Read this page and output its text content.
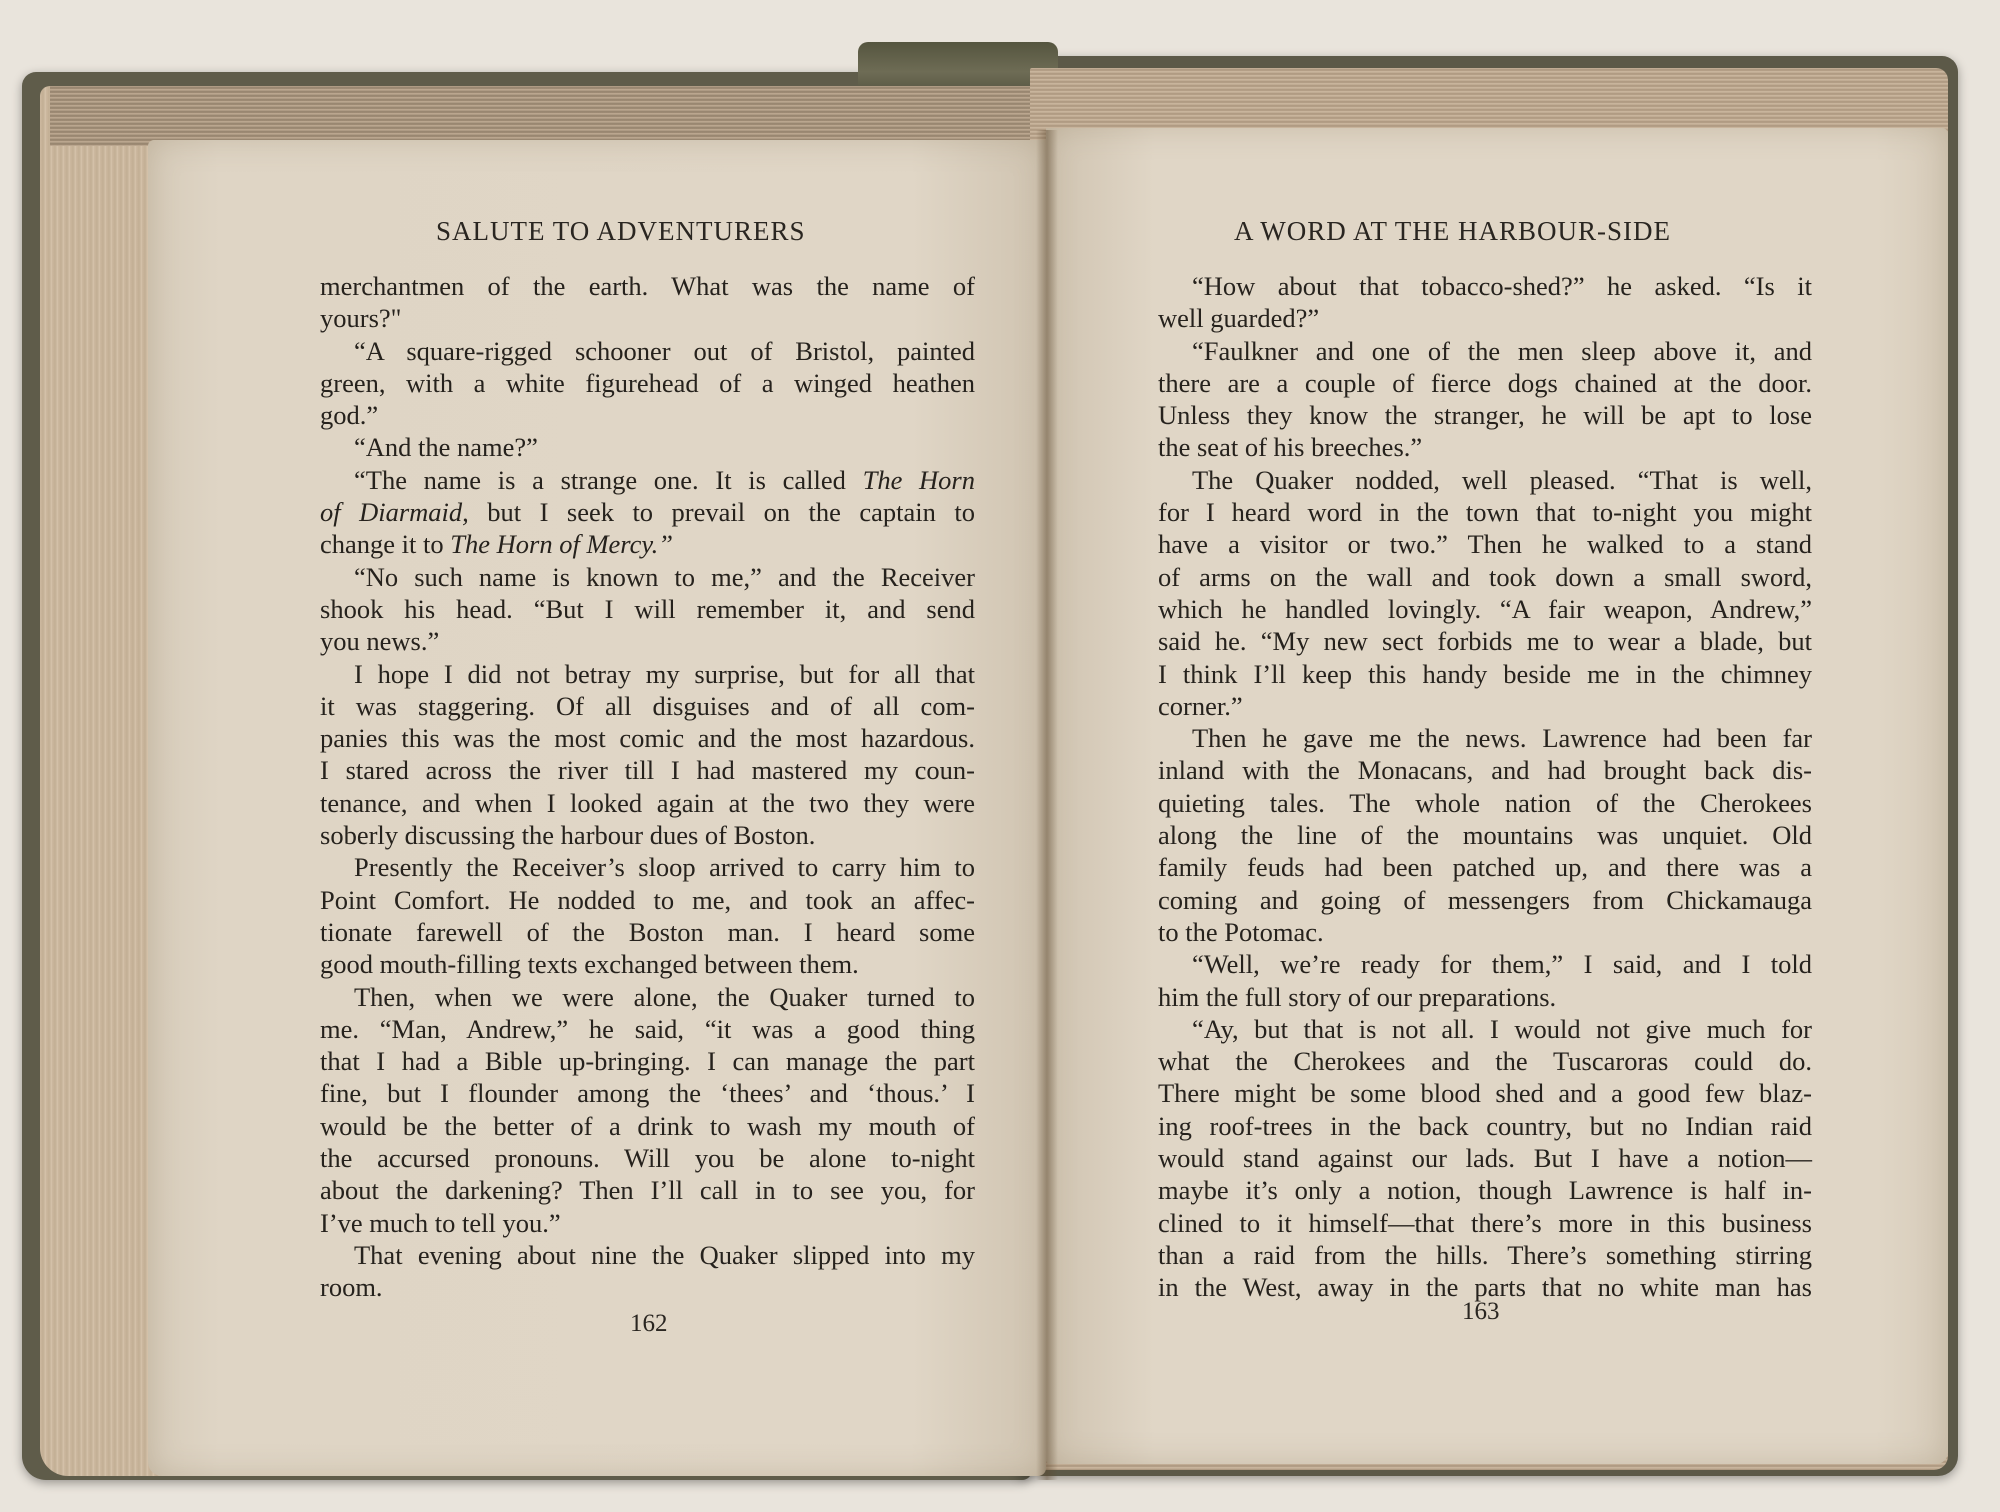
SALUTE TO ADVENTURERS
merchantmen of the earth. What was the name of
yours?"
“A square-rigged schooner out of Bristol, painted
green, with a white figurehead of a winged heathen
god.”
“And the name?”
“The name is a strange one. It is called The Horn
of Diarmaid, but I seek to prevail on the captain to
change it to The Horn of Mercy.”
“No such name is known to me,” and the Receiver
shook his head. “But I will remember it, and send
you news.”
I hope I did not betray my surprise, but for all that
it was staggering. Of all disguises and of all com-
panies this was the most comic and the most hazardous.
I stared across the river till I had mastered my coun-
tenance, and when I looked again at the two they were
soberly discussing the harbour dues of Boston.
Presently the Receiver’s sloop arrived to carry him to
Point Comfort. He nodded to me, and took an affec-
tionate farewell of the Boston man. I heard some
good mouth-filling texts exchanged between them.
Then, when we were alone, the Quaker turned to
me. “Man, Andrew,” he said, “it was a good thing
that I had a Bible up-bringing. I can manage the part
fine, but I flounder among the ‘thees’ and ‘thous.’ I
would be the better of a drink to wash my mouth of
the accursed pronouns. Will you be alone to-night
about the darkening? Then I’ll call in to see you, for
I’ve much to tell you.”
That evening about nine the Quaker slipped into my
room.

162

A WORD AT THE HARBOUR-SIDE
“How about that tobacco-shed?” he asked. “Is it
well guarded?”
“Faulkner and one of the men sleep above it, and
there are a couple of fierce dogs chained at the door.
Unless they know the stranger, he will be apt to lose
the seat of his breeches.”
The Quaker nodded, well pleased. “That is well,
for I heard word in the town that to-night you might
have a visitor or two.” Then he walked to a stand
of arms on the wall and took down a small sword,
which he handled lovingly. “A fair weapon, Andrew,”
said he. “My new sect forbids me to wear a blade, but
I think I’ll keep this handy beside me in the chimney
corner.”
Then he gave me the news. Lawrence had been far
inland with the Monacans, and had brought back dis-
quieting tales. The whole nation of the Cherokees
along the line of the mountains was unquiet. Old
family feuds had been patched up, and there was a
coming and going of messengers from Chickamauga
to the Potomac.
“Well, we’re ready for them,” I said, and I told
him the full story of our preparations.
“Ay, but that is not all. I would not give much for
what the Cherokees and the Tuscaroras could do.
There might be some blood shed and a good few blaz-
ing roof-trees in the back country, but no Indian raid
would stand against our lads. But I have a notion—
maybe it’s only a notion, though Lawrence is half in-
clined to it himself—that there’s more in this business
than a raid from the hills. There’s something stirring
in the West, away in the parts that no white man has

163
